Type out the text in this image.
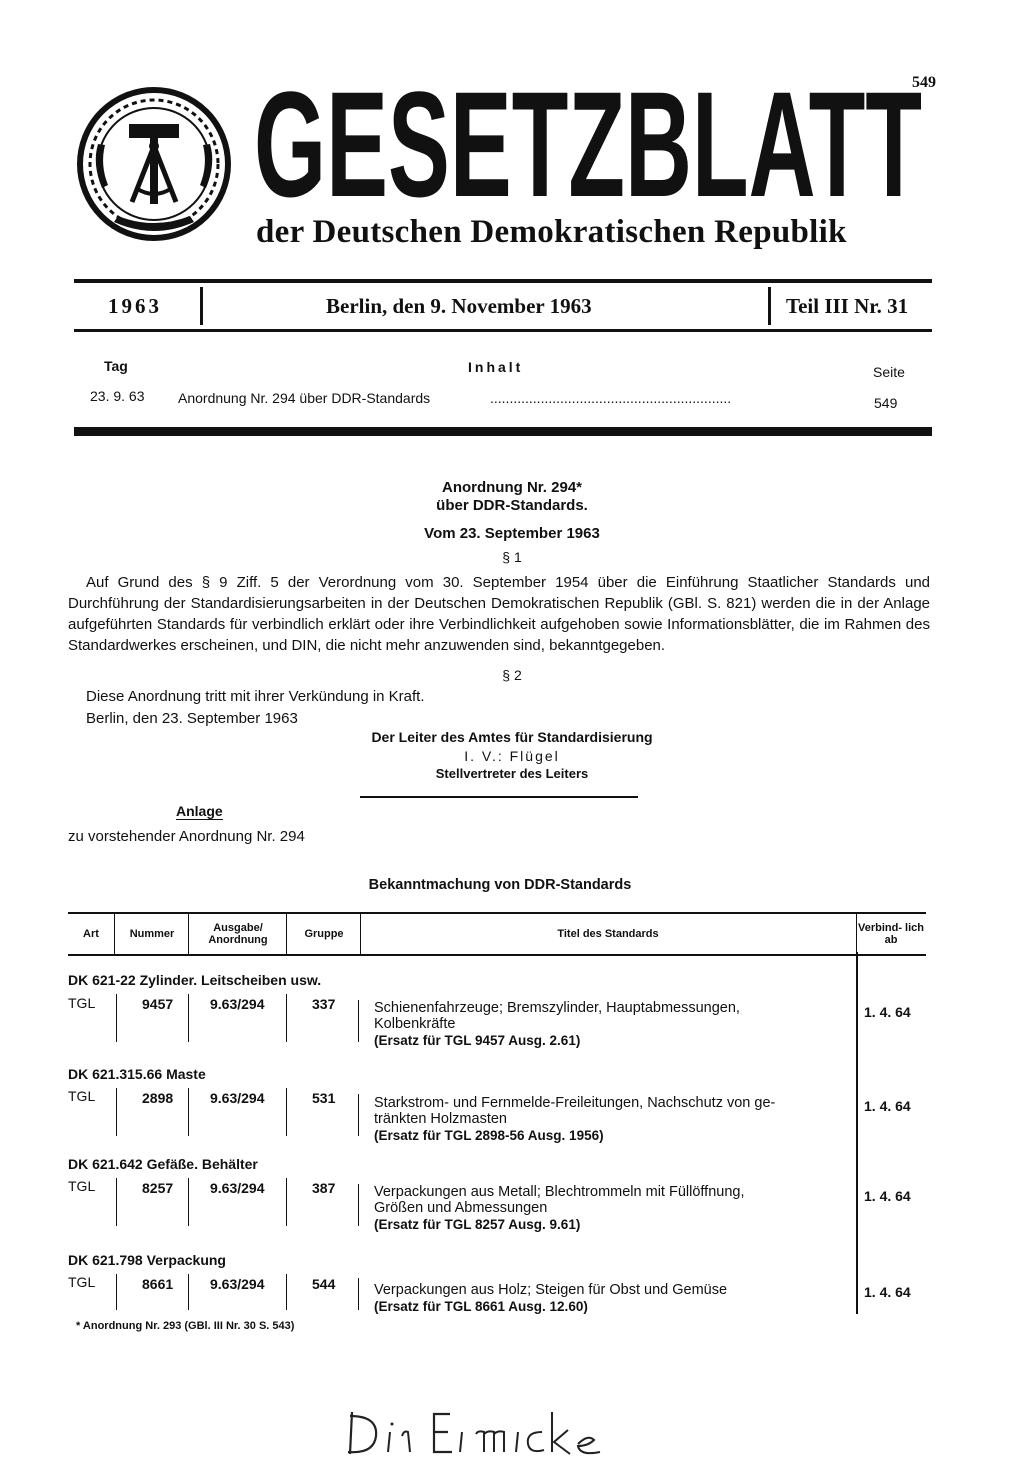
549
GESETZBLATT
der Deutschen Demokratischen Republik
1963	Berlin, den 9. November 1963	Teil III Nr. 31
Tag	Inhalt	Seite
23. 9. 63 Anordnung Nr. 294 über DDR-Standards	..............................................................	549
Anordnung Nr. 294*
über DDR-Standards.
Vom 23. September 1963
§ 1
Auf Grund des § 9 Ziff. 5 der Verordnung vom 30. September 1954 über die Einführung Staatlicher Standards und Durchführung der Standardisierungsarbeiten in der Deutschen Demokratischen Republik (GBl. S. 821) werden die in der Anlage aufgeführten Standards für verbindlich erklärt oder ihre Verbindlichkeit aufgehoben sowie Informationsblätter, die im Rahmen des Standardwerkes erscheinen, und DIN, die nicht mehr anzuwenden sind, bekanntgegeben.
§ 2
Diese Anordnung tritt mit ihrer Verkündung in Kraft.
Berlin, den 23. September 1963
Der Leiter des Amtes für Standardisierung
I. V.: Flügel
Stellvertreter des Leiters
Anlage
zu vorstehender Anordnung Nr. 294
Bekanntmachung von DDR-Standards
Art	Nummer	Ausgabe/ Anordnung	Gruppe	Titel des Standards	Verbind- lich ab
DK 621-22 Zylinder. Leitscheiben usw.
TGL	9457	9.63/294	337	Schienenfahrzeuge; Bremszylinder, Hauptabmessungen,
Kolbenkräfte
(Ersatz für TGL 9457 Ausg. 2.61)
1. 4. 64
DK 621.315.66 Maste
TGL	2898	9.63/294	531	Starkstrom- und Fernmelde-Freileitungen, Nachschutz von ge-
tränkten Holzmasten
(Ersatz für TGL 2898-56 Ausg. 1956)
1. 4. 64
DK 621.642 Gefäße. Behälter
TGL	8257	9.63/294	387	Verpackungen aus Metall; Blechtrommeln mit Füllöffnung,
Größen und Abmessungen
(Ersatz für TGL 8257 Ausg. 9.61)
1. 4. 64
DK 621.798 Verpackung
TGL	8661	9.63/294	544	Verpackungen aus Holz; Steigen für Obst und Gemüse
(Ersatz für TGL 8661 Ausg. 12.60)
1. 4. 64
* Anordnung Nr. 293 (GBl. III Nr. 30 S. 543)
